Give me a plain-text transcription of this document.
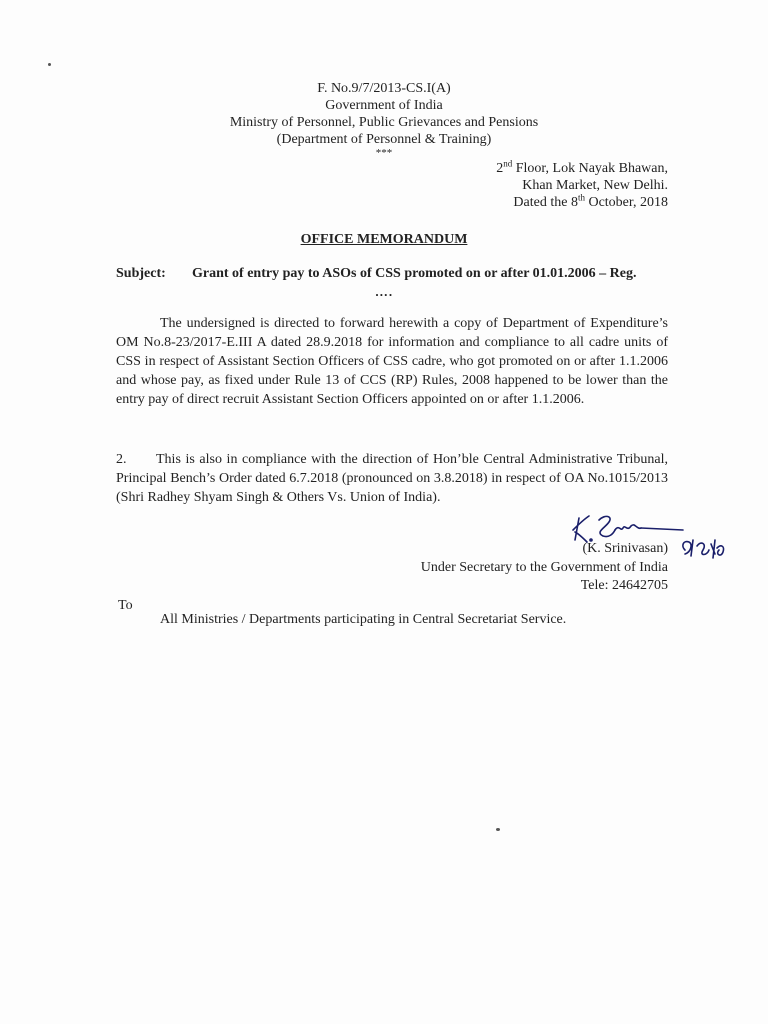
F. No.9/7/2013-CS.I(A)
Government of India
Ministry of Personnel, Public Grievances and Pensions
(Department of Personnel & Training)
***
2nd Floor, Lok Nayak Bhawan,
Khan Market, New Delhi.
Dated the 8th October, 2018
OFFICE MEMORANDUM
Subject: Grant of entry pay to ASOs of CSS promoted on or after 01.01.2006 – Reg.
….
The undersigned is directed to forward herewith a copy of Department of Expenditure’s OM No.8-23/2017-E.III A dated 28.9.2018 for information and compliance to all cadre units of CSS in respect of Assistant Section Officers of CSS cadre, who got promoted on or after 1.1.2006 and whose pay, as fixed under Rule 13 of CCS (RP) Rules, 2008 happened to be lower than the entry pay of direct recruit Assistant Section Officers appointed on or after 1.1.2006.
2. This is also in compliance with the direction of Hon’ble Central Administrative Tribunal, Principal Bench’s Order dated 6.7.2018 (pronounced on 3.8.2018) in respect of OA No.1015/2013 (Shri Radhey Shyam Singh & Others Vs. Union of India).
(K. Srinivasan)
Under Secretary to the Government of India
Tele: 24642705
To
All Ministries / Departments participating in Central Secretariat Service.
